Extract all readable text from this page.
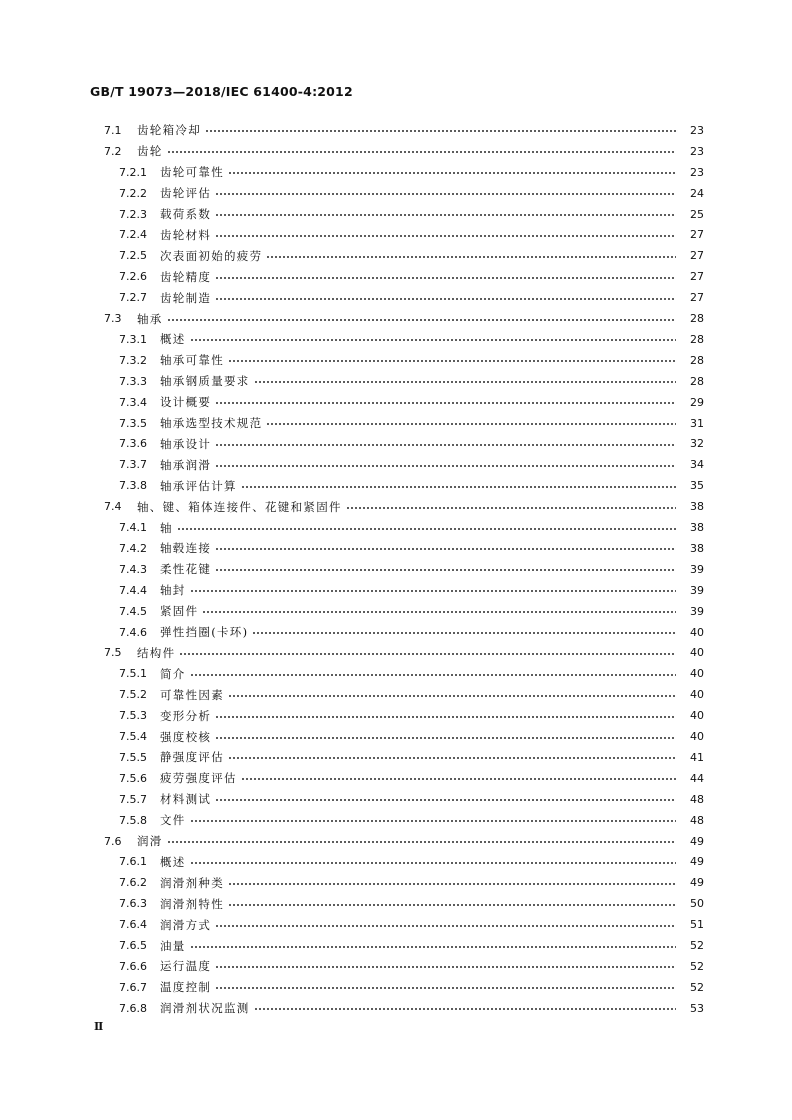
GB/T 19073—2018/IEC 61400-4:2012
7.1 齿轮箱冷却	23
7.2 齿轮	23
7.2.1 齿轮可靠性	23
7.2.2 齿轮评估	24
7.2.3 载荷系数	25
7.2.4 齿轮材料	27
7.2.5 次表面初始的疲劳	27
7.2.6 齿轮精度	27
7.2.7 齿轮制造	27
7.3 轴承	28
7.3.1 概述	28
7.3.2 轴承可靠性	28
7.3.3 轴承钢质量要求	28
7.3.4 设计概要	29
7.3.5 轴承选型技术规范	31
7.3.6 轴承设计	32
7.3.7 轴承润滑	34
7.3.8 轴承评估计算	35
7.4 轴、键、箱体连接件、花键和紧固件	38
7.4.1 轴	38
7.4.2 轴毂连接	38
7.4.3 柔性花键	39
7.4.4 轴封	39
7.4.5 紧固件	39
7.4.6 弹性挡圈(卡环)	40
7.5 结构件	40
7.5.1 简介	40
7.5.2 可靠性因素	40
7.5.3 变形分析	40
7.5.4 强度校核	40
7.5.5 静强度评估	41
7.5.6 疲劳强度评估	44
7.5.7 材料测试	48
7.5.8 文件	48
7.6 润滑	49
7.6.1 概述	49
7.6.2 润滑剂种类	49
7.6.3 润滑剂特性	50
7.6.4 润滑方式	51
7.6.5 油量	52
7.6.6 运行温度	52
7.6.7 温度控制	52
7.6.8 润滑剂状况监测	53
Ⅱ
